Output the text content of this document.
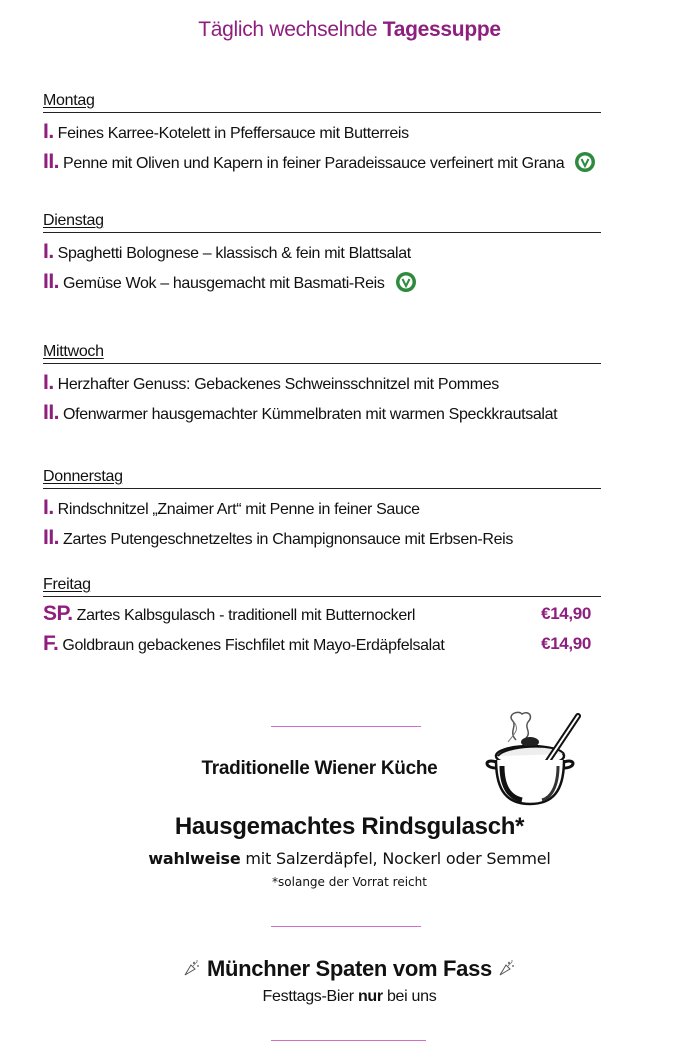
Täglich wechselnde Tagessuppe
Montag
I. Feines Karree-Kotelett in Pfeffersauce mit Butterreis
II. Penne mit Oliven und Kapern in feiner Paradeissauce verfeinert mit Grana
Dienstag
I. Spaghetti Bolognese – klassisch & fein mit Blattsalat
II. Gemüse Wok – hausgemacht mit Basmati-Reis
Mittwoch
I. Herzhafter Genuss: Gebackenes Schweinsschnitzel mit Pommes
II. Ofenwarmer hausgemachter Kümmelbraten mit warmen Speckkrautsalat
Donnerstag
I. Rindschnitzel „Znaimer Art“ mit Penne in feiner Sauce
II. Zartes Putengeschnetzeltes in Champignonsauce mit Erbsen-Reis
Freitag
SP. Zartes Kalbsgulasch - traditionell mit Butternockerl	€14,90
F. Goldbraun gebackenes Fischfilet mit Mayo-Erdäpfelsalat	€14,90
Traditionelle Wiener Küche
Hausgemachtes Rindsgulasch*
wahlweise mit Salzerdäpfel, Nockerl oder Semmel
*solange der Vorrat reicht
Münchner Spaten vom Fass
Festtags-Bier nur bei uns
